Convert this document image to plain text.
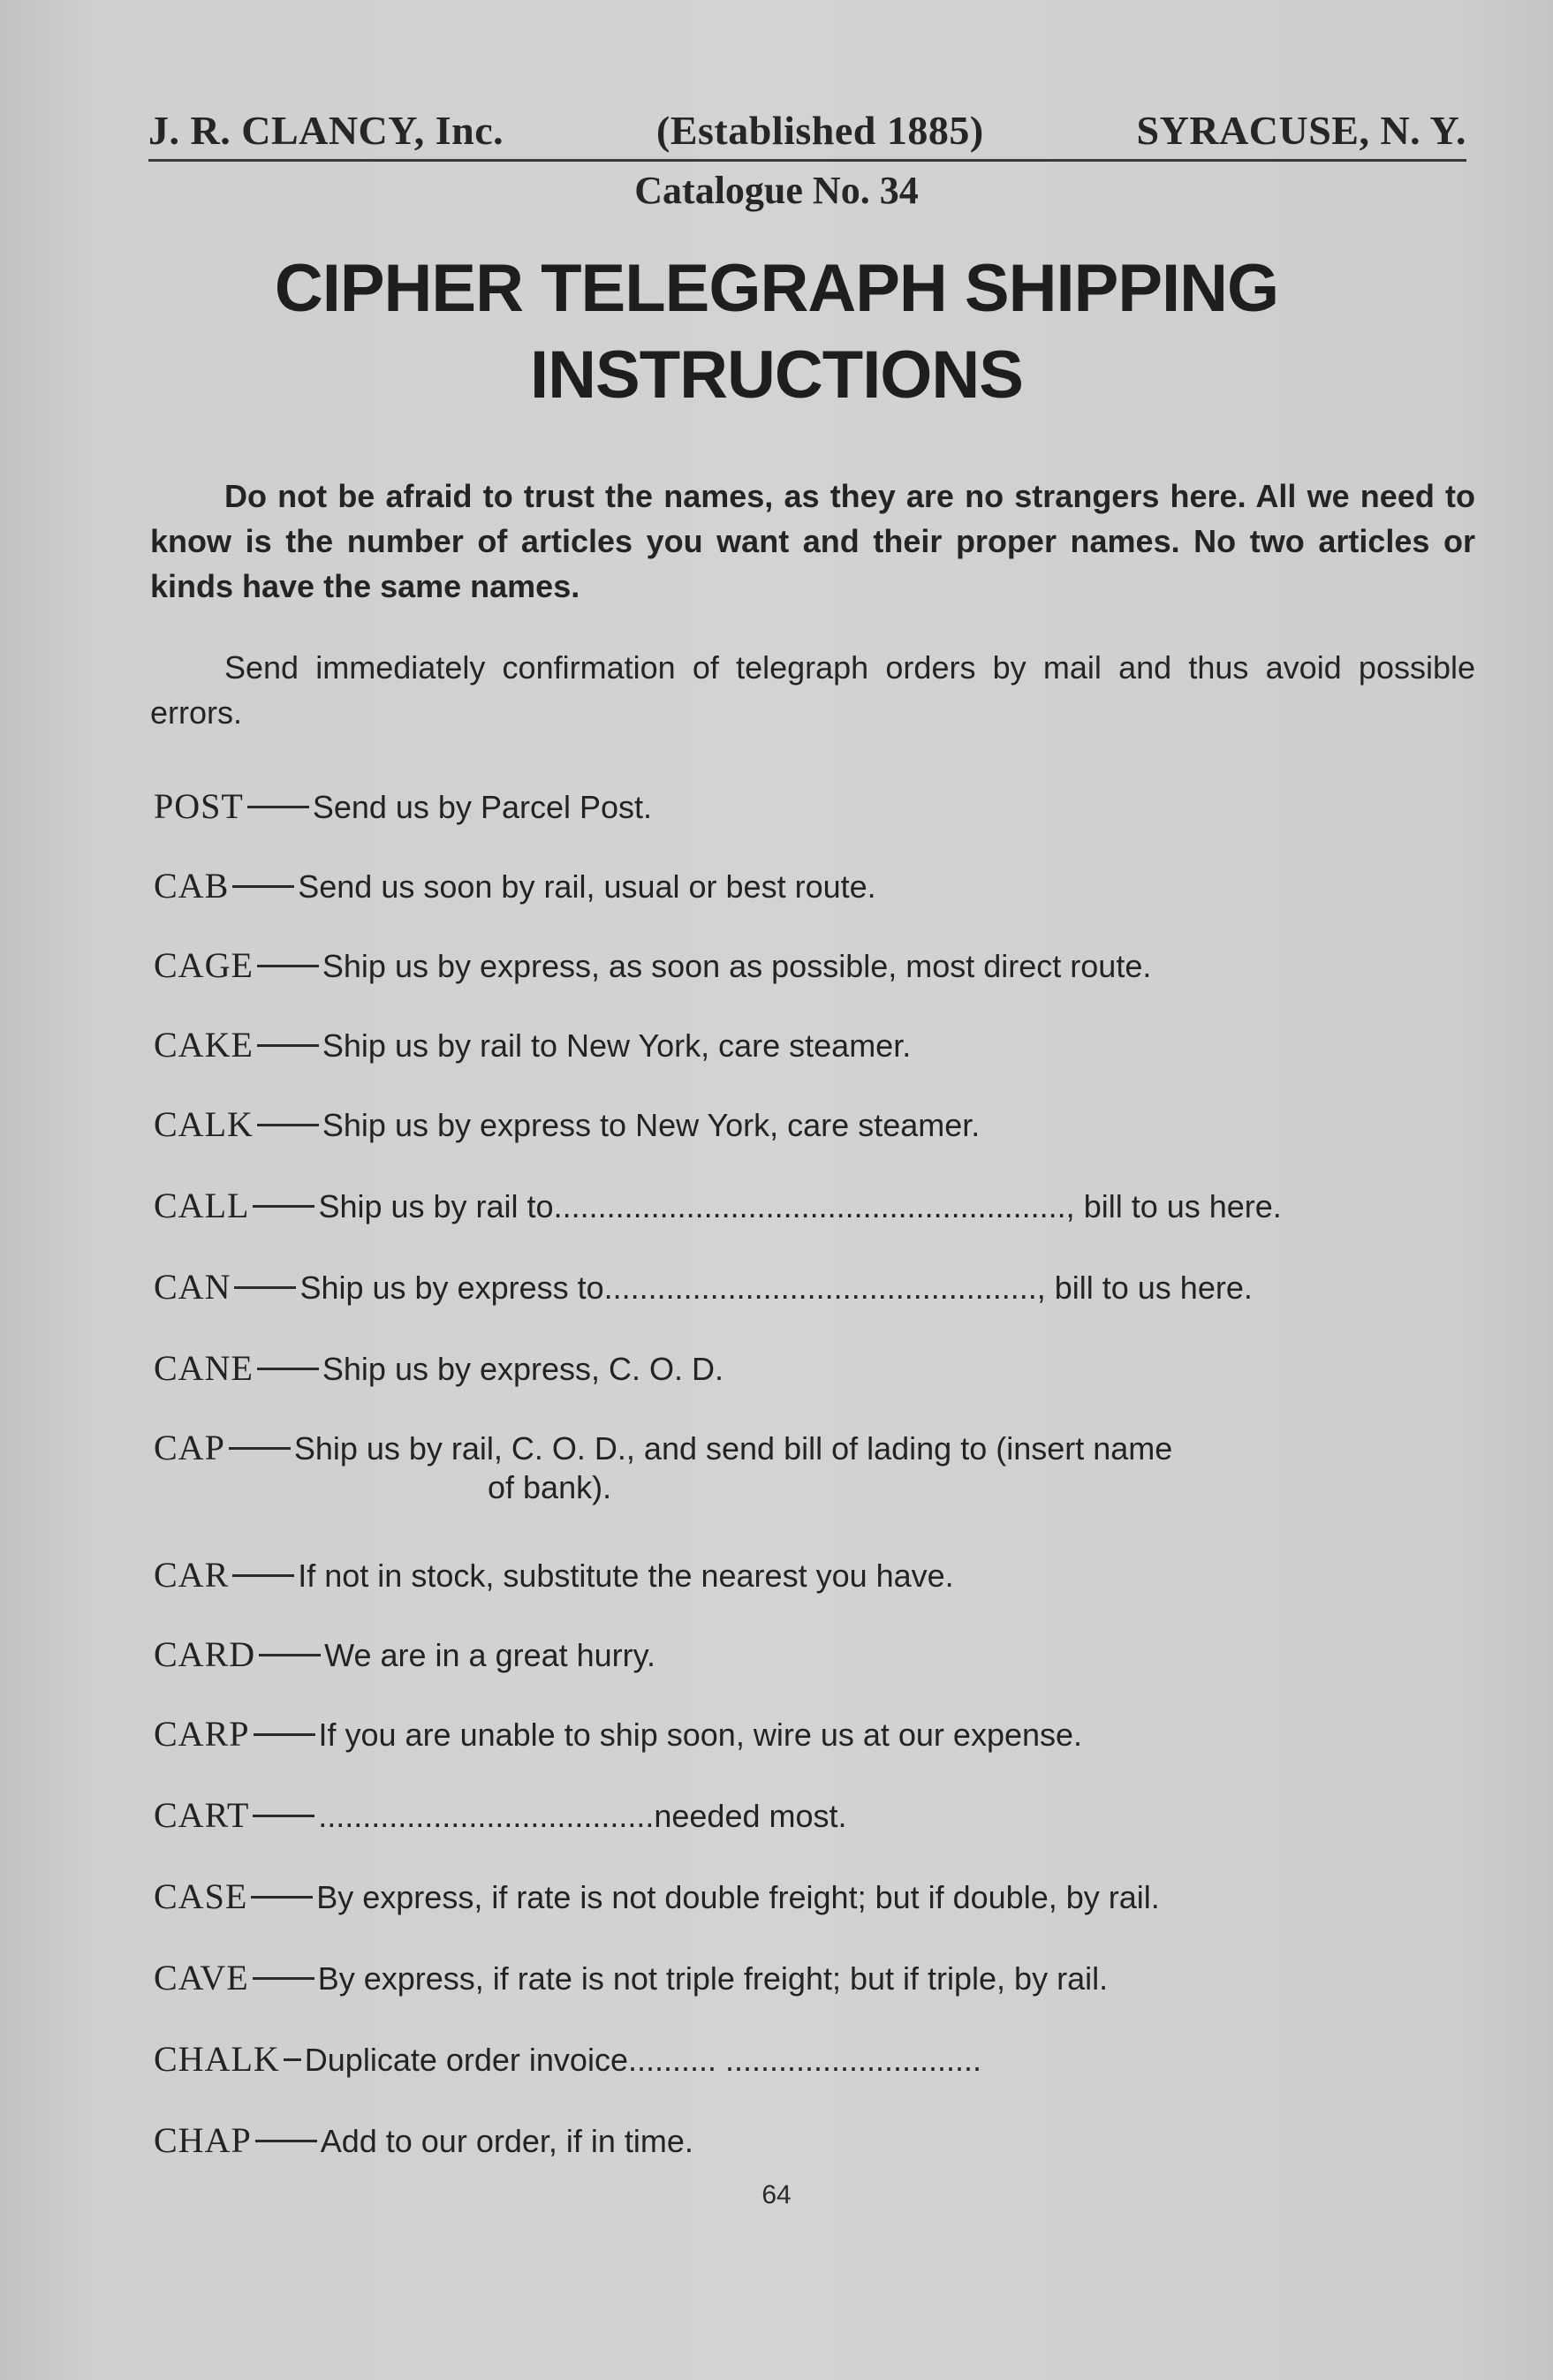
J. R. CLANCY, Inc.	(Established 1885)	SYRACUSE, N. Y.
Catalogue No. 34
CIPHER TELEGRAPH SHIPPING
INSTRUCTIONS

Do not be afraid to trust the names, as they are no strangers here. All we need to know is the number of articles you want and their proper names. No two articles or kinds have the same names.

Send immediately confirmation of telegraph orders by mail and thus avoid possible errors.

POST Send us by Parcel Post.
CAB Send us soon by rail, usual or best route.
CAGE Ship us by express, as soon as possible, most direct route.
CAKE Ship us by rail to New York, care steamer.
CALK Ship us by express to New York, care steamer.
CALL Ship us by rail to.........................................................., bill to us here.
CAN Ship us by express to................................................., bill to us here.
CANE Ship us by express, C. O. D.
CAP Ship us by rail, C. O. D., and send bill of lading to (insert name
of bank).
CAR If not in stock, substitute the nearest you have.
CARD We are in a great hurry.
CARP If you are unable to ship soon, wire us at our expense.
CART ......................................needed most.
CASE By express, if rate is not double freight; but if double, by rail.
CAVE By express, if rate is not triple freight; but if triple, by rail.
CHALK Duplicate order invoice.......... .............................
CHAP Add to our order, if in time.
64
